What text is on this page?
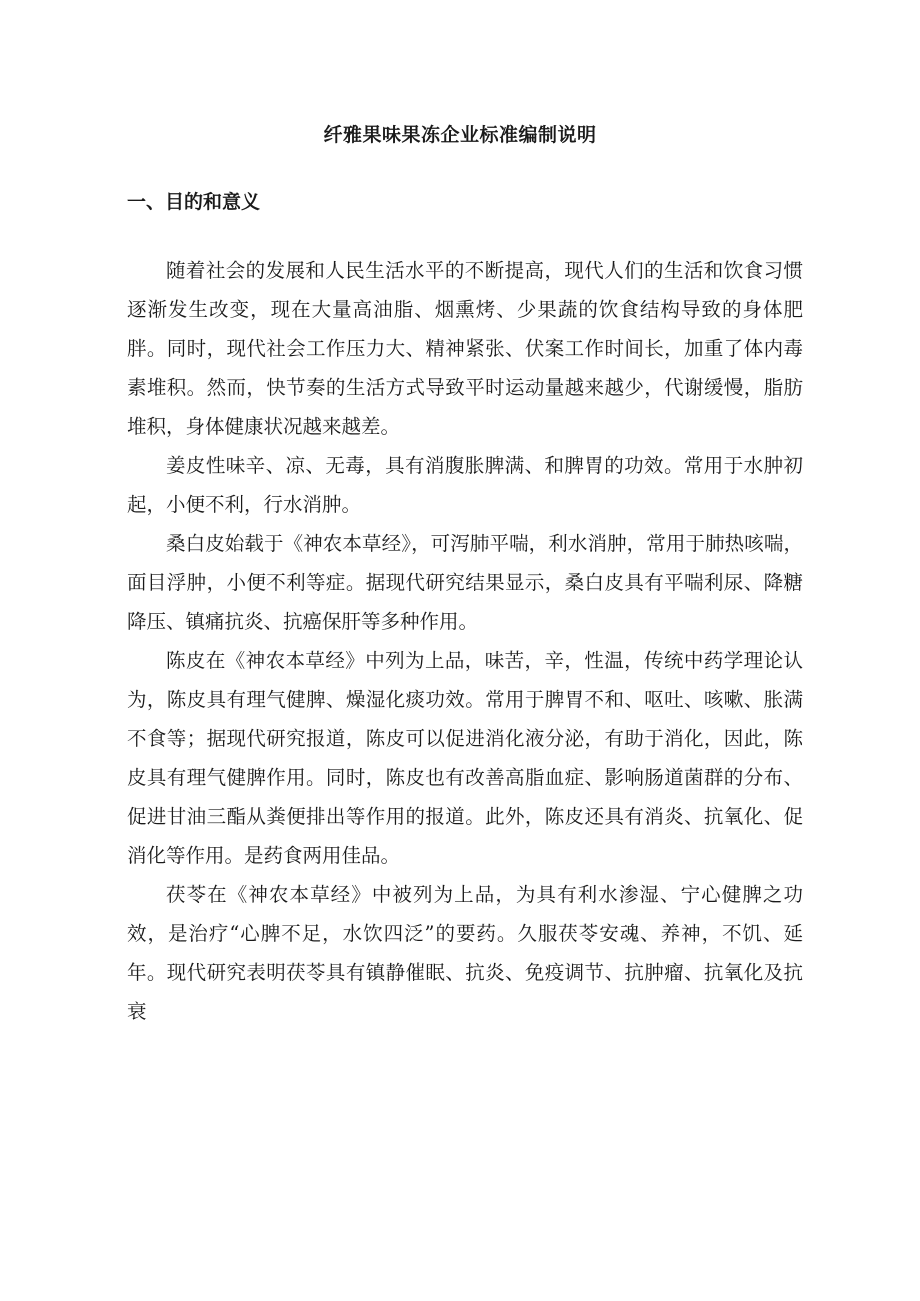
纤雅果味果冻企业标准编制说明
一、目的和意义

随着社会的发展和人民生活水平的不断提高，现代人们的生活和饮食习惯逐渐发生改变，现在大量高油脂、烟熏烤、少果蔬的饮食结构导致的身体肥胖。同时，现代社会工作压力大、精神紧张、伏案工作时间长，加重了体内毒素堆积。然而，快节奏的生活方式导致平时运动量越来越少，代谢缓慢，脂肪堆积，身体健康状况越来越差。

姜皮性味辛、凉、无毒，具有消腹胀脾满、和脾胃的功效。常用于水肿初起，小便不利，行水消肿。

桑白皮始载于《神农本草经》，可泻肺平喘，利水消肿，常用于肺热咳喘，面目浮肿，小便不利等症。据现代研究结果显示，桑白皮具有平喘利尿、降糖降压、镇痛抗炎、抗癌保肝等多种作用。

陈皮在《神农本草经》中列为上品，味苦，辛，性温，传统中药学理论认为，陈皮具有理气健脾、燥湿化痰功效。常用于脾胃不和、呕吐、咳嗽、胀满不食等；据现代研究报道，陈皮可以促进消化液分泌，有助于消化，因此，陈皮具有理气健脾作用。同时，陈皮也有改善高脂血症、影响肠道菌群的分布、促进甘油三酯从粪便排出等作用的报道。此外，陈皮还具有消炎、抗氧化、促消化等作用。是药食两用佳品。

茯苓在《神农本草经》中被列为上品，为具有利水渗湿、宁心健脾之功效，是治疗“心脾不足，水饮四泛”的要药。久服茯苓安魂、养神，不饥、延年。现代研究表明茯苓具有镇静催眠、抗炎、免疫调节、抗肿瘤、抗氧化及抗衰
